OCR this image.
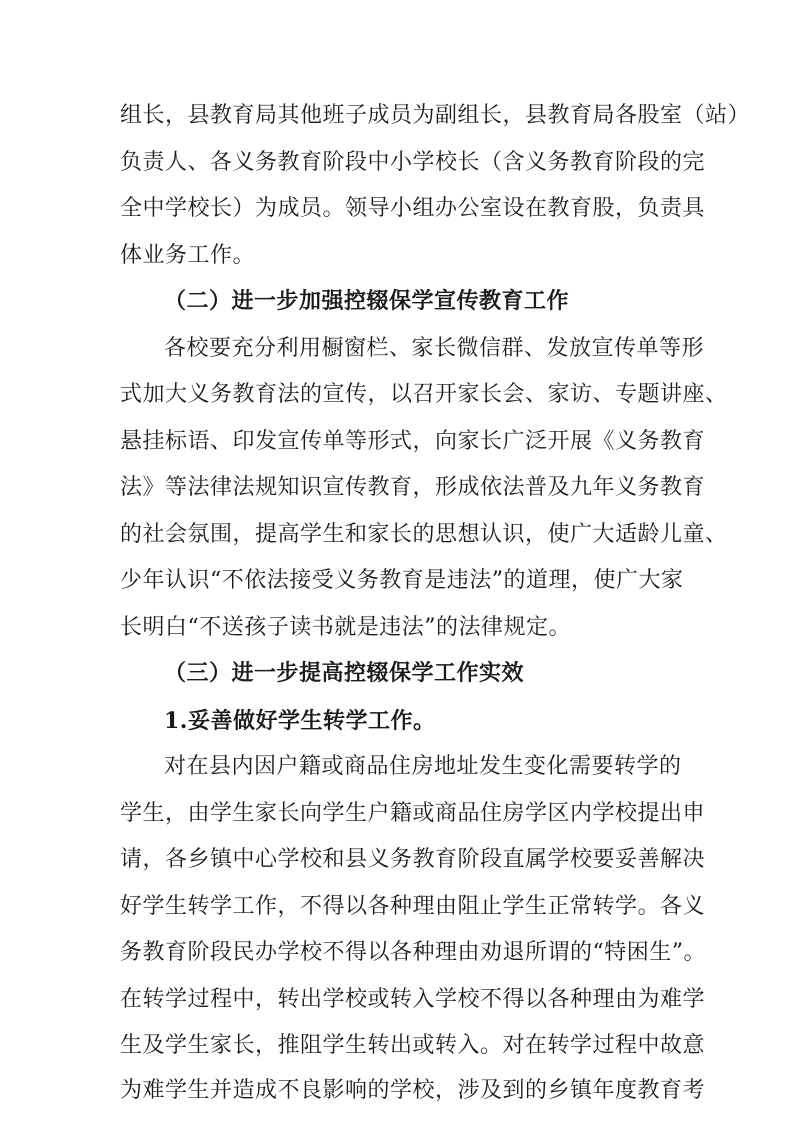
组长，县教育局其他班子成员为副组长，县教育局各股室（站）
负责人、各义务教育阶段中小学校长（含义务教育阶段的完
全中学校长）为成员。领导小组办公室设在教育股，负责具
体业务工作。
（二）进一步加强控辍保学宣传教育工作
各校要充分利用橱窗栏、家长微信群、发放宣传单等形
式加大义务教育法的宣传，以召开家长会、家访、专题讲座、
悬挂标语、印发宣传单等形式，向家长广泛开展《义务教育
法》等法律法规知识宣传教育，形成依法普及九年义务教育
的社会氛围，提高学生和家长的思想认识，使广大适龄儿童、
少年认识“不依法接受义务教育是违法”的道理，使广大家
长明白“不送孩子读书就是违法”的法律规定。
（三）进一步提高控辍保学工作实效
1.妥善做好学生转学工作。
对在县内因户籍或商品住房地址发生变化需要转学的
学生，由学生家长向学生户籍或商品住房学区内学校提出申
请，各乡镇中心学校和县义务教育阶段直属学校要妥善解决
好学生转学工作，不得以各种理由阻止学生正常转学。各义
务教育阶段民办学校不得以各种理由劝退所谓的“特困生”。
在转学过程中，转出学校或转入学校不得以各种理由为难学
生及学生家长，推阻学生转出或转入。对在转学过程中故意
为难学生并造成不良影响的学校，涉及到的乡镇年度教育考
